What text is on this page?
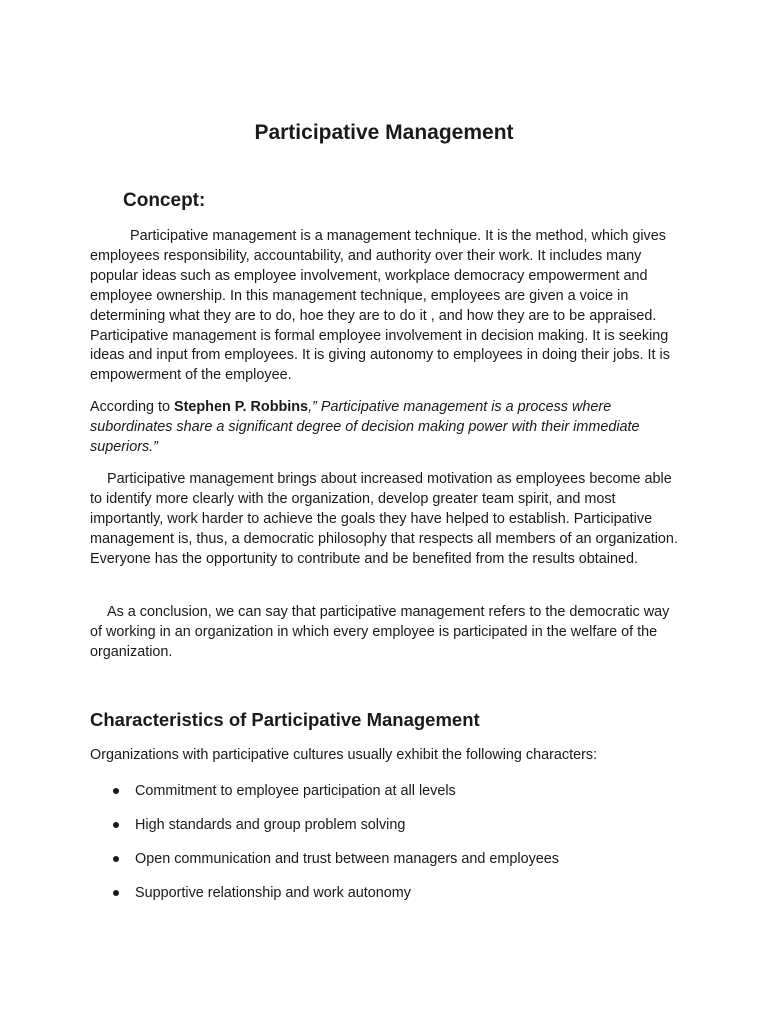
Participative Management
Concept:

Participative management is a management technique. It is the method, which gives employees responsibility, accountability, and authority over their work. It includes many popular ideas such as employee involvement, workplace democracy empowerment and employee ownership. In this management technique, employees are given a voice in determining what they are to do, hoe they are to do it , and how they are to be appraised. Participative management is formal employee involvement in decision making. It is seeking ideas and input from employees. It is giving autonomy to employees in doing their jobs. It is empowerment of the employee.

According to Stephen P. Robbins,” Participative management is a process where subordinates share a significant degree of decision making power with their immediate superiors.”

Participative management brings about increased motivation as employees become able to identify more clearly with the organization, develop greater team spirit, and most importantly, work harder to achieve the goals they have helped to establish. Participative management is, thus, a democratic philosophy that respects all members of an organization. Everyone has the opportunity to contribute and be benefited from the results obtained.

As a conclusion, we can say that participative management refers to the democratic way of working in an organization in which every employee is participated in the welfare of the organization.

Characteristics of Participative Management

Organizations with participative cultures usually exhibit the following characters:

Commitment to employee participation at all levels
High standards and group problem solving
Open communication and trust between managers and employees
Supportive relationship and work autonomy
